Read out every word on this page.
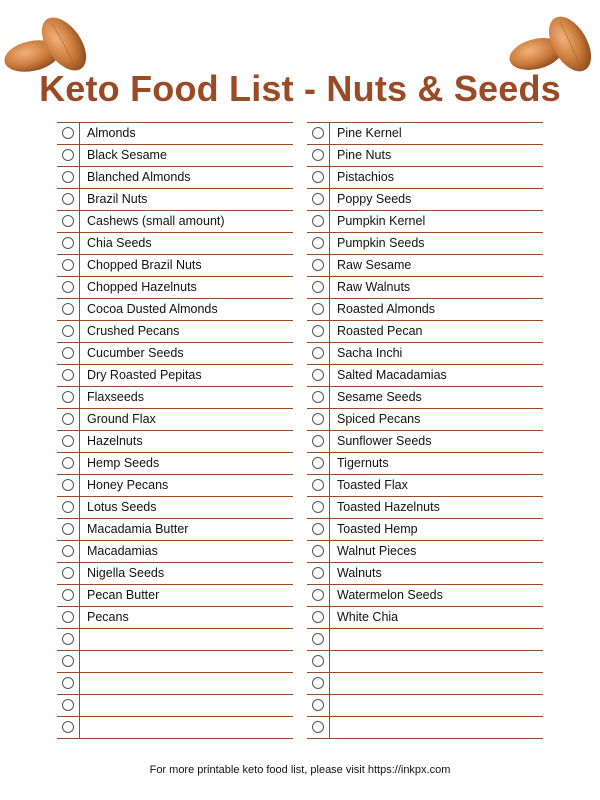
Keto Food List - Nuts & Seeds
Almonds
Black Sesame
Blanched Almonds
Brazil Nuts
Cashews (small amount)
Chia Seeds
Chopped Brazil Nuts
Chopped Hazelnuts
Cocoa Dusted Almonds
Crushed Pecans
Cucumber Seeds
Dry Roasted Pepitas
Flaxseeds
Ground Flax
Hazelnuts
Hemp Seeds
Honey Pecans
Lotus Seeds
Macadamia Butter
Macadamias
Nigella Seeds
Pecan Butter
Pecans
Pine Kernel
Pine Nuts
Pistachios
Poppy Seeds
Pumpkin Kernel
Pumpkin Seeds
Raw Sesame
Raw Walnuts
Roasted Almonds
Roasted Pecan
Sacha Inchi
Salted Macadamias
Sesame Seeds
Spiced Pecans
Sunflower Seeds
Tigernuts
Toasted Flax
Toasted Hazelnuts
Toasted Hemp
Walnut Pieces
Walnuts
Watermelon Seeds
White Chia
For more printable keto food list, please visit https://inkpx.com
